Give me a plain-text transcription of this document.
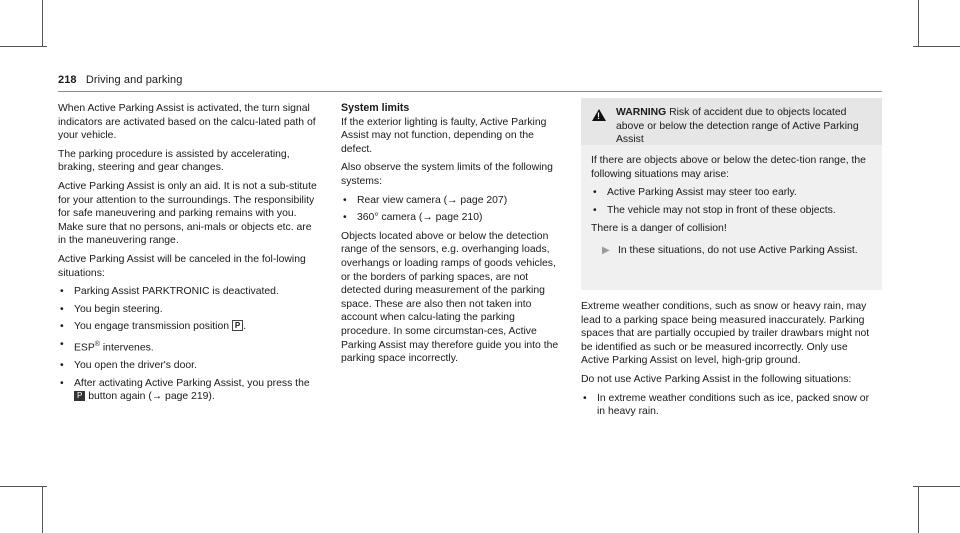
218 Driving and parking

When Active Parking Assist is activated, the turn signal indicators are activated based on the calcu-lated path of your vehicle.

The parking procedure is assisted by accelerating, braking, steering and gear changes.

Active Parking Assist is only an aid. It is not a sub-stitute for your attention to the surroundings. The responsibility for safe maneuvering and parking remains with you. Make sure that no persons, ani-mals or objects etc. are in the maneuvering range.

Active Parking Assist will be canceled in the fol-lowing situations:

• Parking Assist PARKTRONIC is deactivated.
• You begin steering.
• You engage transmission position P .
• ESP® intervenes.
• You open the driver's door.
• After activating Active Parking Assist, you press the P button again (→ page 219).
System limits

If the exterior lighting is faulty, Active Parking Assist may not function, depending on the defect.

Also observe the system limits of the following systems:

• Rear view camera (→ page 207)
• 360° camera (→ page 210)

Objects located above or below the detection range of the sensors, e.g. overhanging loads, overhangs or loading ramps of goods vehicles, or the borders of parking spaces, are not detected during measurement of the parking space. These are also then not taken into account when calcu-lating the parking procedure. In some circumstan-ces, Active Parking Assist may therefore guide you into the parking space incorrectly.

! WARNING Risk of accident due to objects located above or below the detection range of Active Parking Assist

If there are objects above or below the detec-tion range, the following situations may arise:

• Active Parking Assist may steer too early.
• The vehicle may not stop in front of these objects.

There is a danger of collision!

▶ In these situations, do not use Active Parking Assist.

Extreme weather conditions, such as snow or heavy rain, may lead to a parking space being measured inaccurately. Parking spaces that are partially occupied by trailer drawbars might not be identified as such or be measured incorrectly. Only use Active Parking Assist on level, high-grip ground.

Do not use Active Parking Assist in the following situations:

• In extreme weather conditions such as ice, packed snow or in heavy rain.
